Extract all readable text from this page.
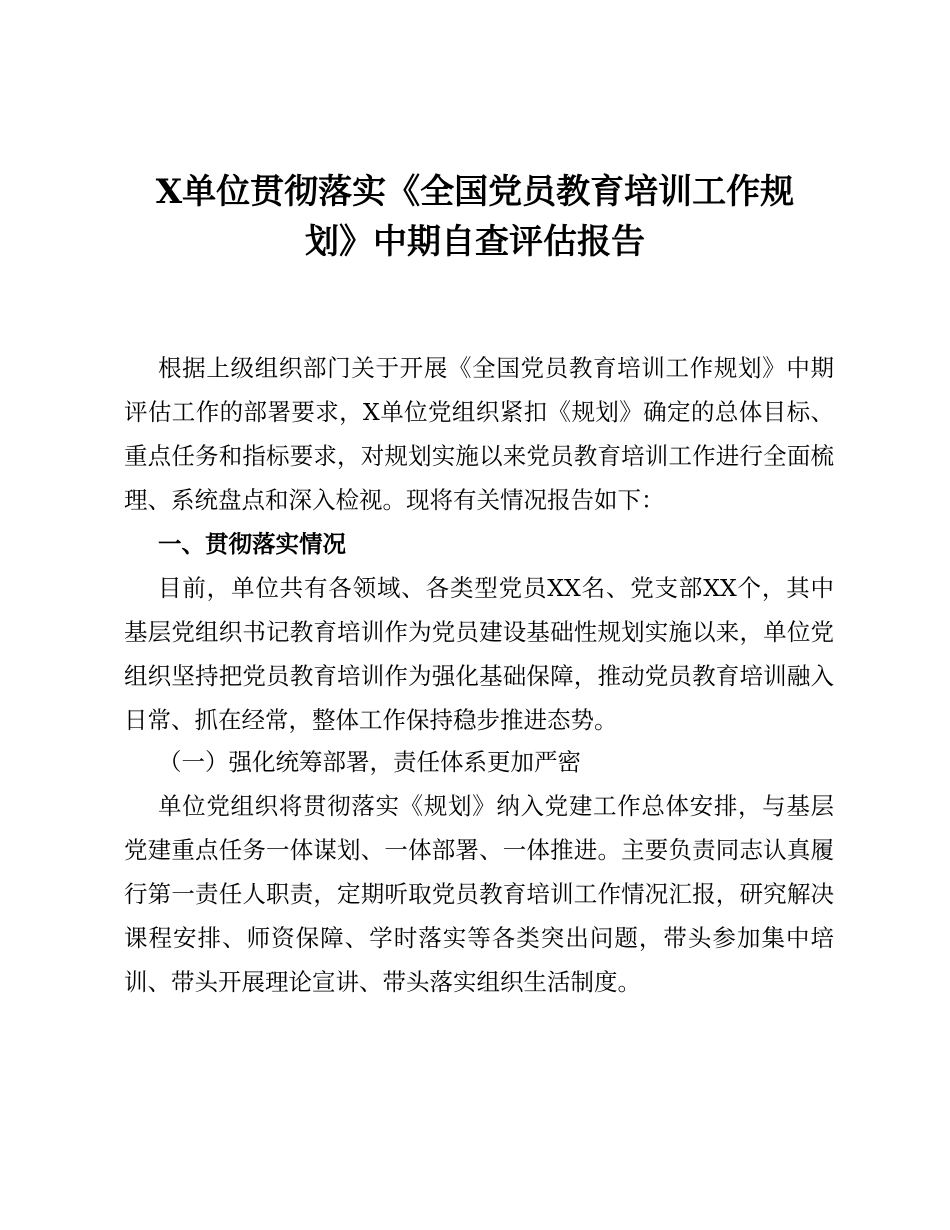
X单位贯彻落实《全国党员教育培训工作规
划》中期自查评估报告
根据上级组织部门关于开展《全国党员教育培训工作规划》中期评估工作的部署要求，X单位党组织紧扣《规划》确定的总体目标、重点任务和指标要求，对规划实施以来党员教育培训工作进行全面梳理、系统盘点和深入检视。现将有关情况报告如下：
一、贯彻落实情况
目前，单位共有各领域、各类型党员XX名、党支部XX个，其中基层党组织书记教育培训作为党员建设基础性规划实施以来，单位党组织坚持把党员教育培训作为强化基础保障，推动党员教育培训融入日常、抓在经常，整体工作保持稳步推进态势。
（一）强化统筹部署，责任体系更加严密
单位党组织将贯彻落实《规划》纳入党建工作总体安排，与基层党建重点任务一体谋划、一体部署、一体推进。主要负责同志认真履行第一责任人职责，定期听取党员教育培训工作情况汇报，研究解决课程安排、师资保障、学时落实等各类突出问题，带头参加集中培训、带头开展理论宣讲、带头落实组织生活制度。
